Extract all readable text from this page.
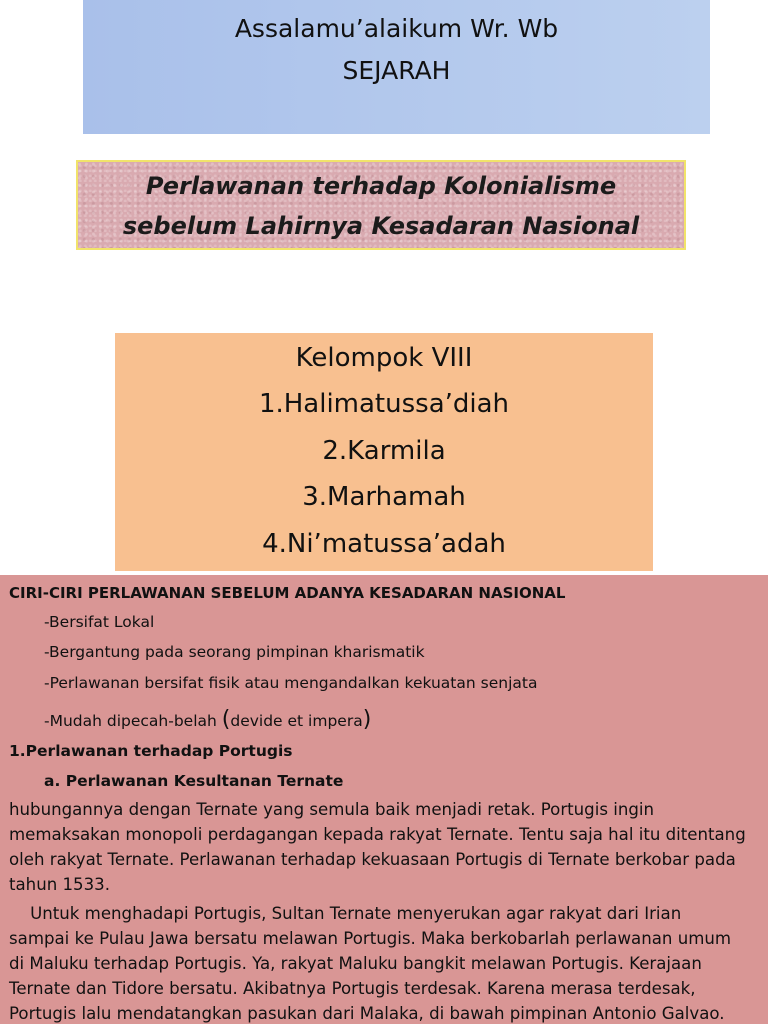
Assalamu’alaikum Wr. Wb
SEJARAH
Perlawanan terhadap Kolonialisme
sebelum Lahirnya Kesadaran Nasional
Kelompok VIII
1.Halimatussa’diah
2.Karmila
3.Marhamah
4.Ni’matussa’adah
CIRI-CIRI PERLAWANAN SEBELUM ADANYA KESADARAN NASIONAL
-Bersifat Lokal
-Bergantung pada seorang pimpinan kharismatik
-Perlawanan bersifat fisik atau mengandalkan kekuatan senjata
-Mudah dipecah-belah (devide et impera)
1.Perlawanan terhadap Portugis
a. Perlawanan Kesultanan Ternate
hubungannya dengan Ternate yang semula baik menjadi retak. Portugis ingin
memaksakan monopoli perdagangan kepada rakyat Ternate. Tentu saja hal itu ditentang
oleh rakyat Ternate. Perlawanan terhadap kekuasaan Portugis di Ternate berkobar pada
tahun 1533.
Untuk menghadapi Portugis, Sultan Ternate menyerukan agar rakyat dari Irian
sampai ke Pulau Jawa bersatu melawan Portugis. Maka berkobarlah perlawanan umum
di Maluku terhadap Portugis. Ya, rakyat Maluku bangkit melawan Portugis. Kerajaan
Ternate dan Tidore bersatu. Akibatnya Portugis terdesak. Karena merasa terdesak,
Portugis lalu mendatangkan pasukan dari Malaka, di bawah pimpinan Antonio Galvao.
